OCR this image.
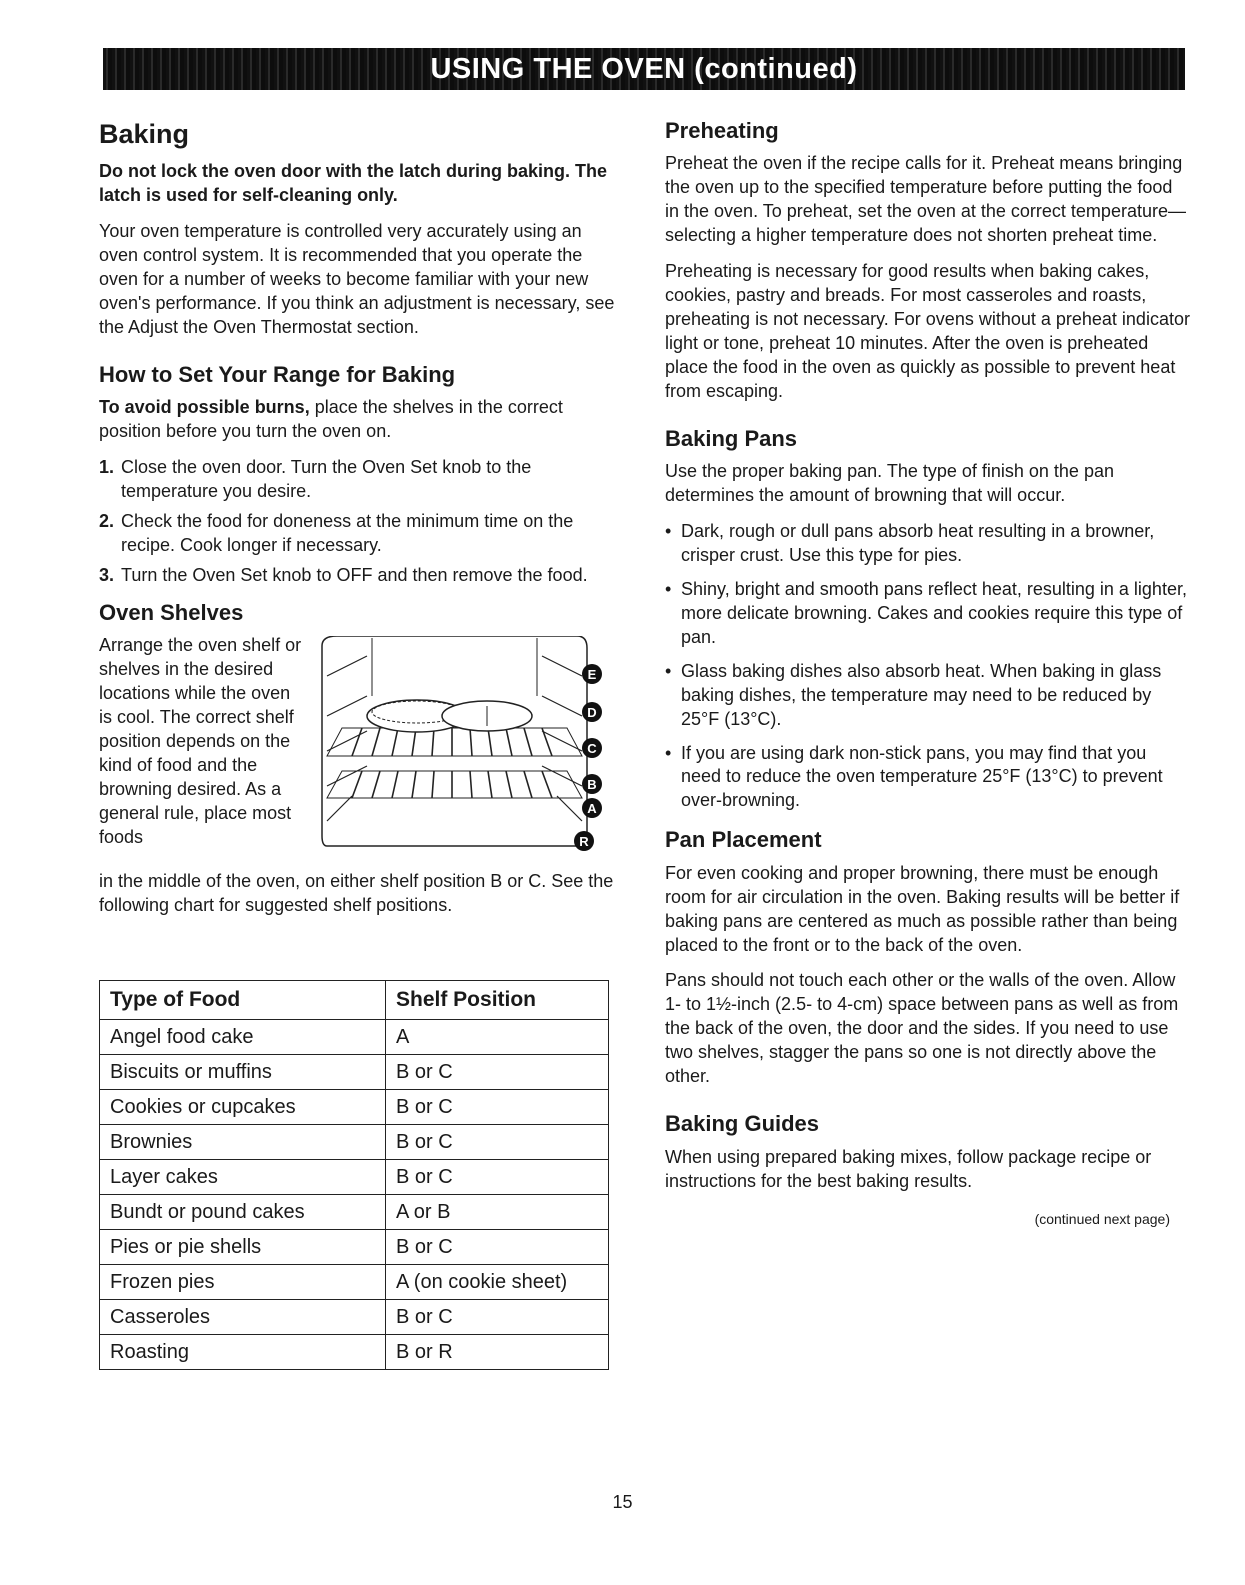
USING THE OVEN (continued)
Baking

Do not lock the oven door with the latch during baking. The latch is used for self-cleaning only.

Your oven temperature is controlled very accurately using an oven control system. It is recommended that you operate the oven for a number of weeks to become familiar with your new oven's performance. If you think an adjustment is necessary, see the Adjust the Oven Thermostat section.

How to Set Your Range for Baking

To avoid possible burns, place the shelves in the correct position before you turn the oven on.

1. Close the oven door. Turn the Oven Set knob to the temperature you desire.
2. Check the food for doneness at the minimum time on the recipe. Cook longer if necessary.
3. Turn the Oven Set knob to OFF and then remove the food.
Oven Shelves
Arrange the oven shelf or shelves in the desired locations while the oven is cool. The correct shelf position depends on the kind of food and the browning desired. As a general rule, place most foods
E
D
C
B
A
R

in the middle of the oven, on either shelf position B or C. See the following chart for suggested shelf positions.

Type of Food	Shelf Position
Angel food cake	A
Biscuits or muffins	B or C
Cookies or cupcakes	B or C
Brownies	B or C
Layer cakes	B or C
Bundt or pound cakes	A or B
Pies or pie shells	B or C
Frozen pies	A (on cookie sheet)
Casseroles	B or C
Roasting	B or R
Preheating

Preheat the oven if the recipe calls for it. Preheat means bringing the oven up to the specified temperature before putting the food in the oven. To preheat, set the oven at the correct temperature—selecting a higher temperature does not shorten preheat time.

Preheating is necessary for good results when baking cakes, cookies, pastry and breads. For most casseroles and roasts, preheating is not necessary. For ovens without a preheat indicator light or tone, preheat 10 minutes. After the oven is preheated place the food in the oven as quickly as possible to prevent heat from escaping.

Baking Pans

Use the proper baking pan. The type of finish on the pan determines the amount of browning that will occur.

• Dark, rough or dull pans absorb heat resulting in a browner, crisper crust. Use this type for pies.
• Shiny, bright and smooth pans reflect heat, resulting in a lighter, more delicate browning. Cakes and cookies require this type of pan.
• Glass baking dishes also absorb heat. When baking in glass baking dishes, the temperature may need to be reduced by 25°F (13°C).
• If you are using dark non-stick pans, you may find that you need to reduce the oven temperature 25°F (13°C) to prevent over-browning.
Pan Placement

For even cooking and proper browning, there must be enough room for air circulation in the oven. Baking results will be better if baking pans are centered as much as possible rather than being placed to the front or to the back of the oven.

Pans should not touch each other or the walls of the oven. Allow 1- to 1½-inch (2.5- to 4-cm) space between pans as well as from the back of the oven, the door and the sides. If you need to use two shelves, stagger the pans so one is not directly above the other.

Baking Guides

When using prepared baking mixes, follow package recipe or instructions for the best baking results.

(continued next page)
15
